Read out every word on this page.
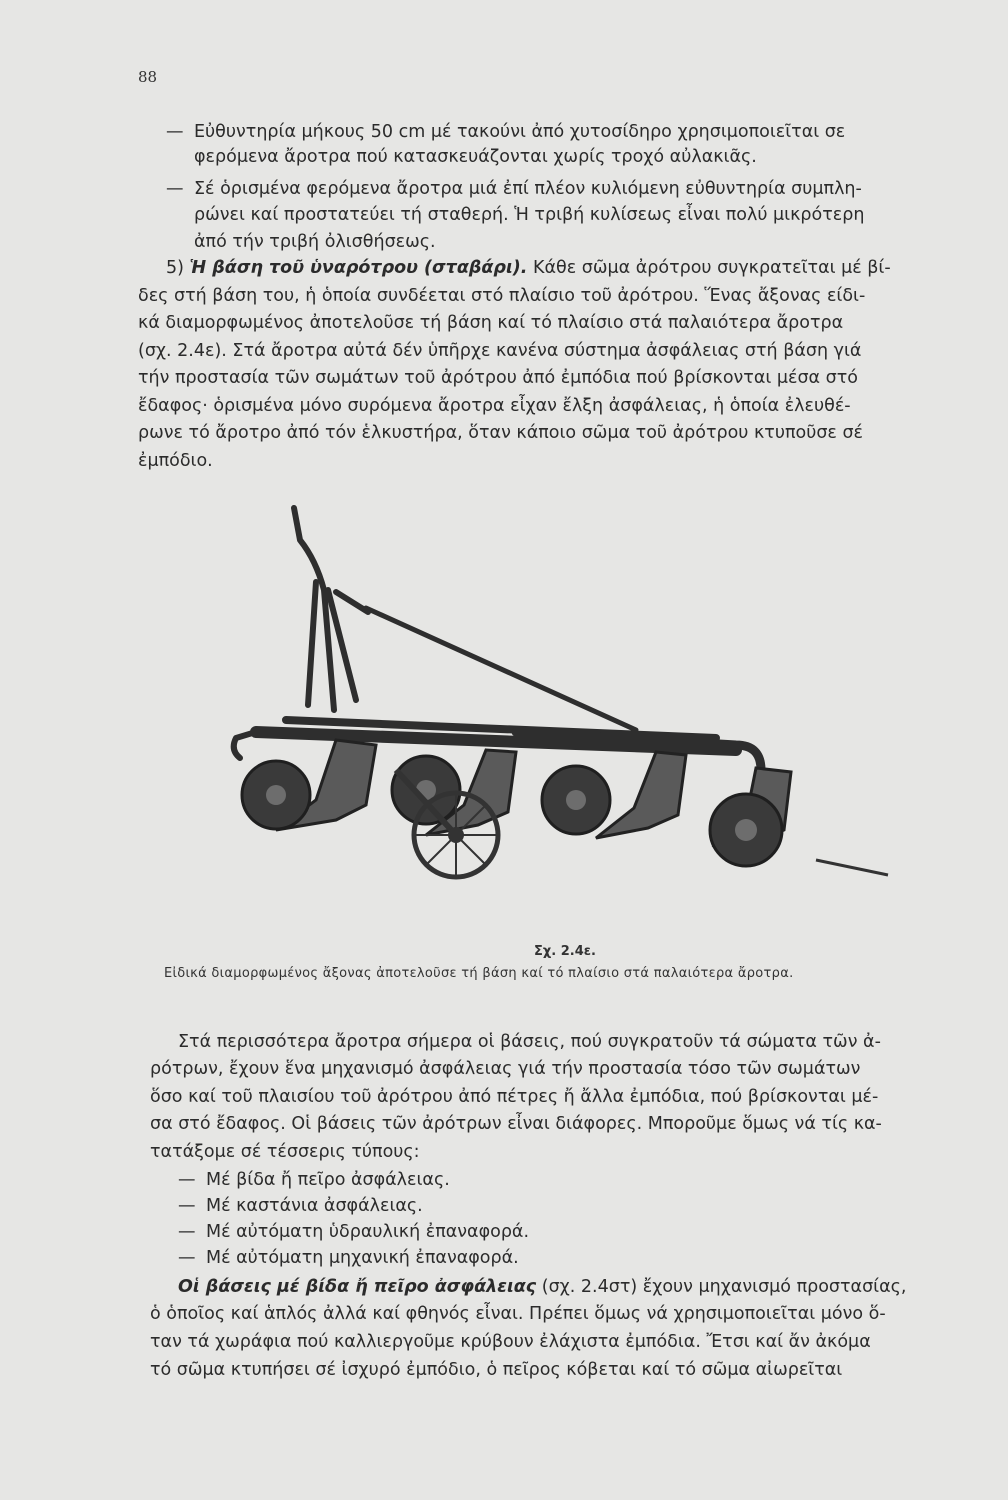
88
— Εὐθυντηρία μήκους 50 cm μέ τακούνι ἀπό χυτοσίδηρο χρησιμοποιεῖται σε
φερόμενα ἄροτρα πού κατασκευάζονται χωρίς τροχό αὐλακιᾶς.
— Σέ ὁρισμένα φερόμενα ἄροτρα μιά ἐπί πλέον κυλιόμενη εὐθυντηρία συμπλη-
ρώνει καί προστατεύει τή σταθερή. Ἡ τριβή κυλίσεως εἶναι πολύ μικρότερη
ἀπό τήν τριβή ὀλισθήσεως.
5) Ἡ βάση τοῦ ὑναρότρου (σταβάρι). Κάθε σῶμα ἀρότρου συγκρατεῖται μέ βί-
δες στή βάση του, ἡ ὁποία συνδέεται στό πλαίσιο τοῦ ἀρότρου. Ἕνας ἄξονας είδι-
κά διαμορφωμένος ἀποτελοῦσε τή βάση καί τό πλαίσιο στά παλαιότερα ἄροτρα
(σχ. 2.4ε). Στά ἄροτρα αὐτά δέν ὑπῆρχε κανένα σύστημα ἀσφάλειας στή βάση γιά
τήν προστασία τῶν σωμάτων τοῦ ἀρότρου ἀπό ἐμπόδια πού βρίσκονται μέσα στό
ἔδαφος· ὁρισμένα μόνο συρόμενα ἄροτρα εἶχαν ἔλξη ἀσφάλειας, ἡ ὁποία ἐλευθέ-
ρωνε τό ἄροτρο ἀπό τόν ἑλκυστήρα, ὅταν κάποιο σῶμα τοῦ ἀρότρου κτυποῦσε σέ
ἐμπόδιο.
Σχ. 2.4ε.
Εἰδικά διαμορφωμένος ἄξονας ἀποτελοῦσε τή βάση καί τό πλαίσιο στά παλαιότερα ἄροτρα.
Στά περισσότερα ἄροτρα σήμερα οἱ βάσεις, πού συγκρατοῦν τά σώματα τῶν ἀ-
ρότρων, ἔχουν ἕνα μηχανισμό ἀσφάλειας γιά τήν προστασία τόσο τῶν σωμάτων
ὅσο καί τοῦ πλαισίου τοῦ ἀρότρου ἀπό πέτρες ἤ ἄλλα ἐμπόδια, πού βρίσκονται μέ-
σα στό ἔδαφος. Οἱ βάσεις τῶν ἀρότρων εἶναι διάφορες. Μποροῦμε ὅμως νά τίς κα-
τατάξομε σέ τέσσερις τύπους:
— Μέ βίδα ἤ πεῖρο ἀσφάλειας.
— Μέ καστάνια ἀσφάλειας.
— Μέ αὐτόματη ὑδραυλική ἐπαναφορά.
— Μέ αὐτόματη μηχανική ἐπαναφορά.
Οἱ βάσεις μέ βίδα ἤ πεῖρο ἀσφάλειας (σχ. 2.4στ) ἔχουν μηχανισμό προστασίας,
ὁ ὁποῖος καί ἁπλός ἀλλά καί φθηνός εἶναι. Πρέπει ὅμως νά χρησιμοποιεῖται μόνο ὅ-
ταν τά χωράφια πού καλλιεργοῦμε κρύβουν ἐλάχιστα ἐμπόδια. Ἔτσι καί ἄν ἀκόμα
τό σῶμα κτυπήσει σέ ἰσχυρό ἐμπόδιο, ὁ πεῖρος κόβεται καί τό σῶμα αἰωρεῖται
